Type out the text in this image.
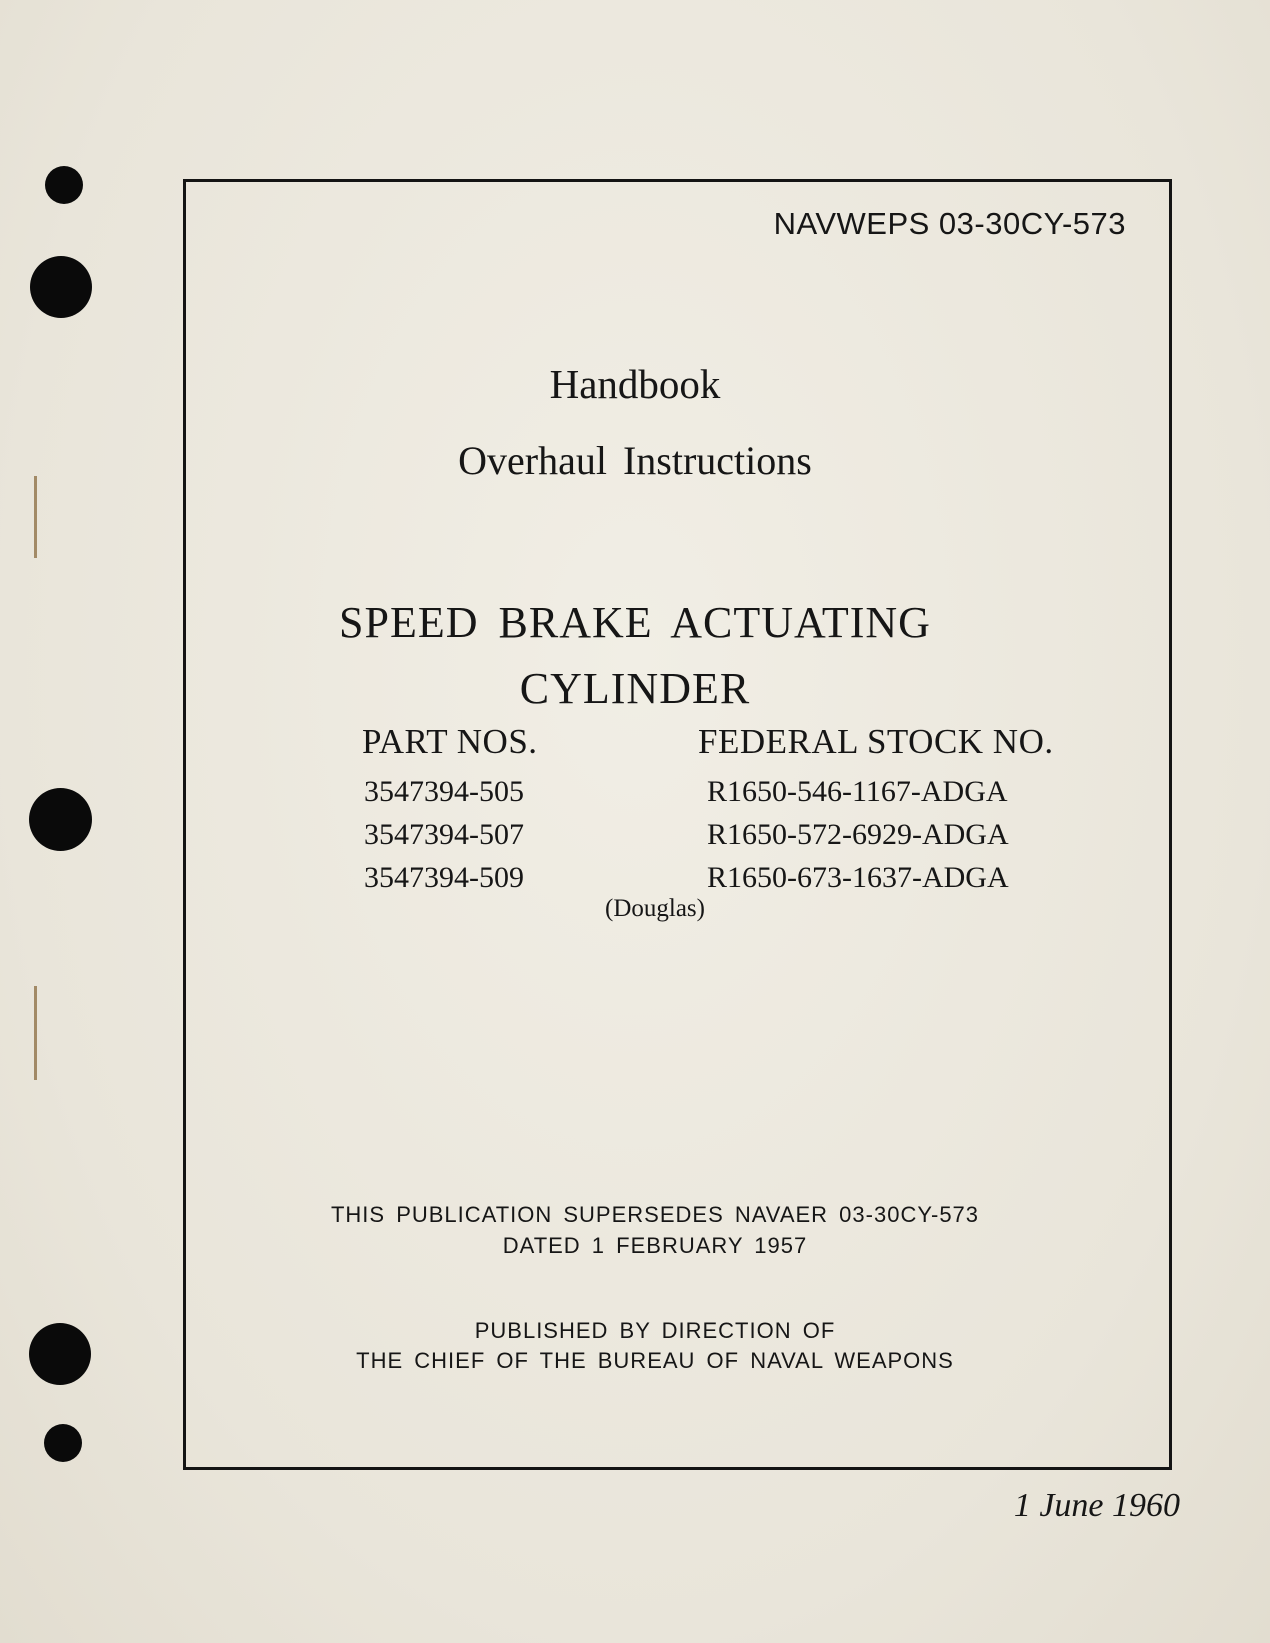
NAVWEPS 03-30CY-573
Handbook
Overhaul Instructions
SPEED BRAKE ACTUATING
CYLINDER
PART NOS.	FEDERAL STOCK NO.
3547394-505
3547394-507
3547394-509
R1650-546-1167-ADGA
R1650-572-6929-ADGA
R1650-673-1637-ADGA
(Douglas)
THIS PUBLICATION SUPERSEDES NAVAER 03-30CY-573
DATED 1 FEBRUARY 1957
PUBLISHED BY DIRECTION OF
THE CHIEF OF THE BUREAU OF NAVAL WEAPONS
1 June 1960
